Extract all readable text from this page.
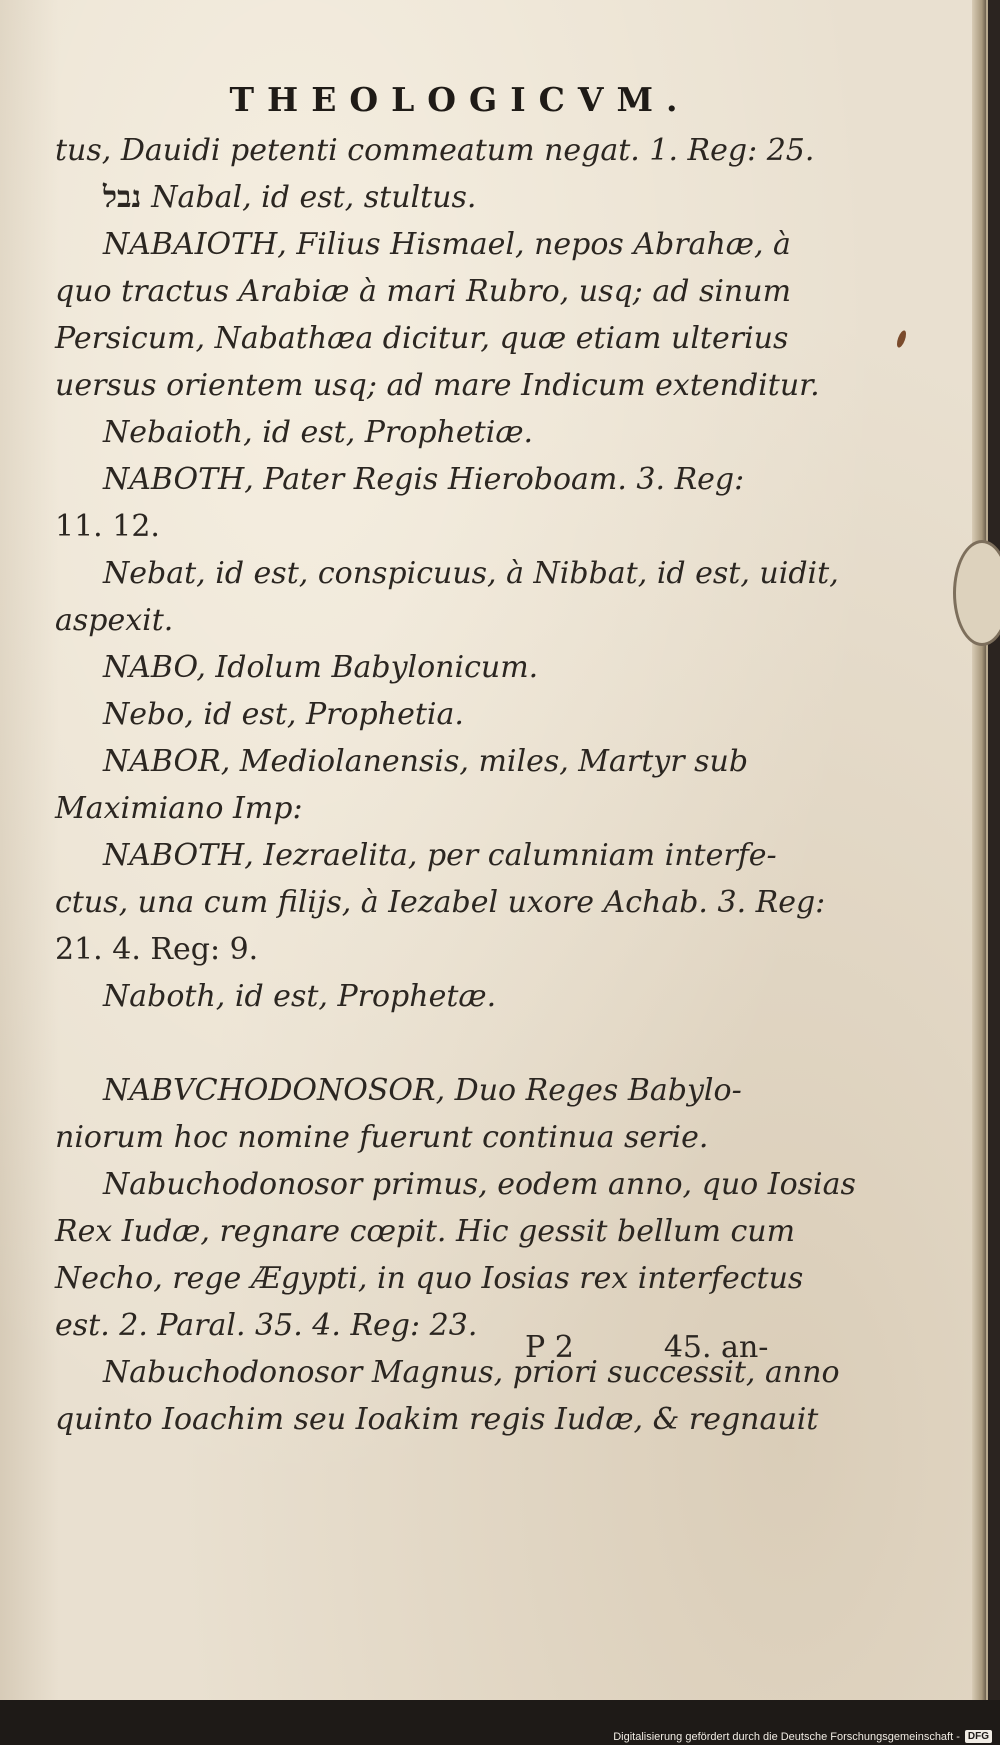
THEOLOGICVM.
tus, Dauidi petenti commeatum negat. 1. Reg: 25.
נבל Nabal, id est, stultus.
NABAIOTH, Filius Hismael, nepos Abrahæ, à
quo tractus Arabiæ à mari Rubro, usq; ad sinum
Persicum, Nabathæa dicitur, quæ etiam ulterius
uersus orientem usq; ad mare Indicum extenditur.
Nebaioth, id est, Prophetiæ.
NABOTH, Pater Regis Hieroboam. 3. Reg:
11. 12.
Nebat, id est, conspicuus, à Nibbat, id est, uidit,
aspexit.
NABO, Idolum Babylonicum.
Nebo, id est, Prophetia.
NABOR, Mediolanensis, miles, Martyr sub
Maximiano Imp:
NABOTH, Iezraelita, per calumniam interfe-
ctus, una cum filijs, à Iezabel uxore Achab. 3. Reg:
21. 4. Reg: 9.
Naboth, id est, Prophetæ.
NABVCHODONOSOR, Duo Reges Babylo-
niorum hoc nomine fuerunt continua serie.
Nabuchodonosor primus, eodem anno, quo Iosias
Rex Iudæ, regnare cœpit. Hic gessit bellum cum
Necho, rege Ægypti, in quo Iosias rex interfectus
est. 2. Paral. 35. 4. Reg: 23.
Nabuchodonosor Magnus, priori successit, anno
quinto Ioachim seu Ioakim regis Iudæ, & regnauit
P 2	45. an-
Digitalisierung gefördert durch die Deutsche Forschungsgemeinschaft - DFG
